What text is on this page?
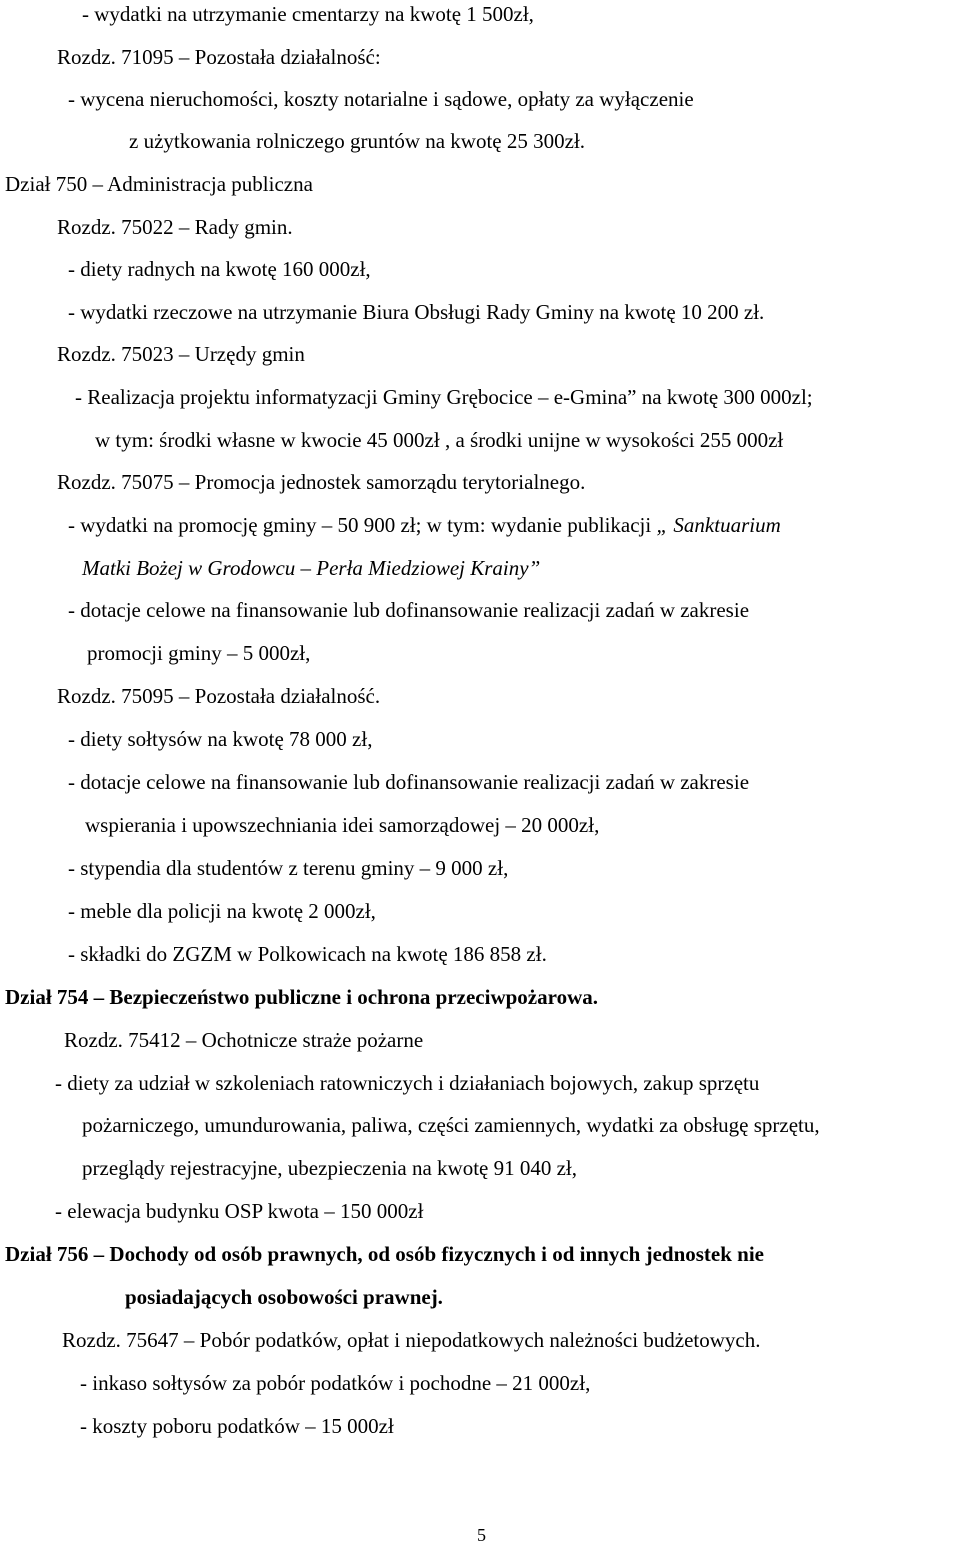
- wydatki na utrzymanie cmentarzy na kwotę 1 500zł,
Rozdz. 71095 – Pozostała działalność:
- wycena nieruchomości, koszty notarialne i sądowe, opłaty za wyłączenie
z użytkowania rolniczego gruntów na kwotę 25 300zł.
Dział 750 – Administracja publiczna
Rozdz. 75022 – Rady gmin.
- diety radnych na kwotę 160 000zł,
- wydatki rzeczowe na utrzymanie Biura Obsługi Rady Gminy na kwotę 10 200 zł.
Rozdz. 75023 – Urzędy gmin
- Realizacja projektu informatyzacji Gminy Grębocice – e-Gmina” na kwotę 300 000zl;
w tym: środki własne w kwocie 45 000zł , a środki unijne w wysokości 255 000zł
Rozdz. 75075 – Promocja jednostek samorządu terytorialnego.
- wydatki na promocję gminy – 50 900 zł; w tym: wydanie publikacji „ Sanktuarium
Matki Bożej w Grodowcu – Perła Miedziowej Krainy”
- dotacje celowe na finansowanie lub dofinansowanie realizacji zadań w zakresie
promocji gminy – 5 000zł,
Rozdz. 75095 – Pozostała działalność.
- diety sołtysów na kwotę 78 000 zł,
- dotacje celowe na finansowanie lub dofinansowanie realizacji zadań w zakresie
wspierania i upowszechniania idei samorządowej – 20 000zł,
- stypendia dla studentów z terenu gminy – 9 000 zł,
- meble dla policji na kwotę 2 000zł,
- składki do ZGZM w Polkowicach na kwotę 186 858 zł.
Dział 754 – Bezpieczeństwo publiczne i ochrona przeciwpożarowa.
Rozdz. 75412 – Ochotnicze straże pożarne
- diety za udział w szkoleniach ratowniczych i działaniach bojowych, zakup sprzętu
pożarniczego, umundurowania, paliwa, części zamiennych, wydatki za obsługę sprzętu,
przeglądy rejestracyjne, ubezpieczenia na kwotę 91 040 zł,
- elewacja budynku OSP kwota – 150 000zł
Dział 756 – Dochody od osób prawnych, od osób fizycznych i od innych jednostek nie
posiadających osobowości prawnej.
Rozdz. 75647 – Pobór podatków, opłat i niepodatkowych należności budżetowych.
- inkaso sołtysów za pobór podatków i pochodne – 21 000zł,
- koszty poboru podatków – 15 000zł
5
